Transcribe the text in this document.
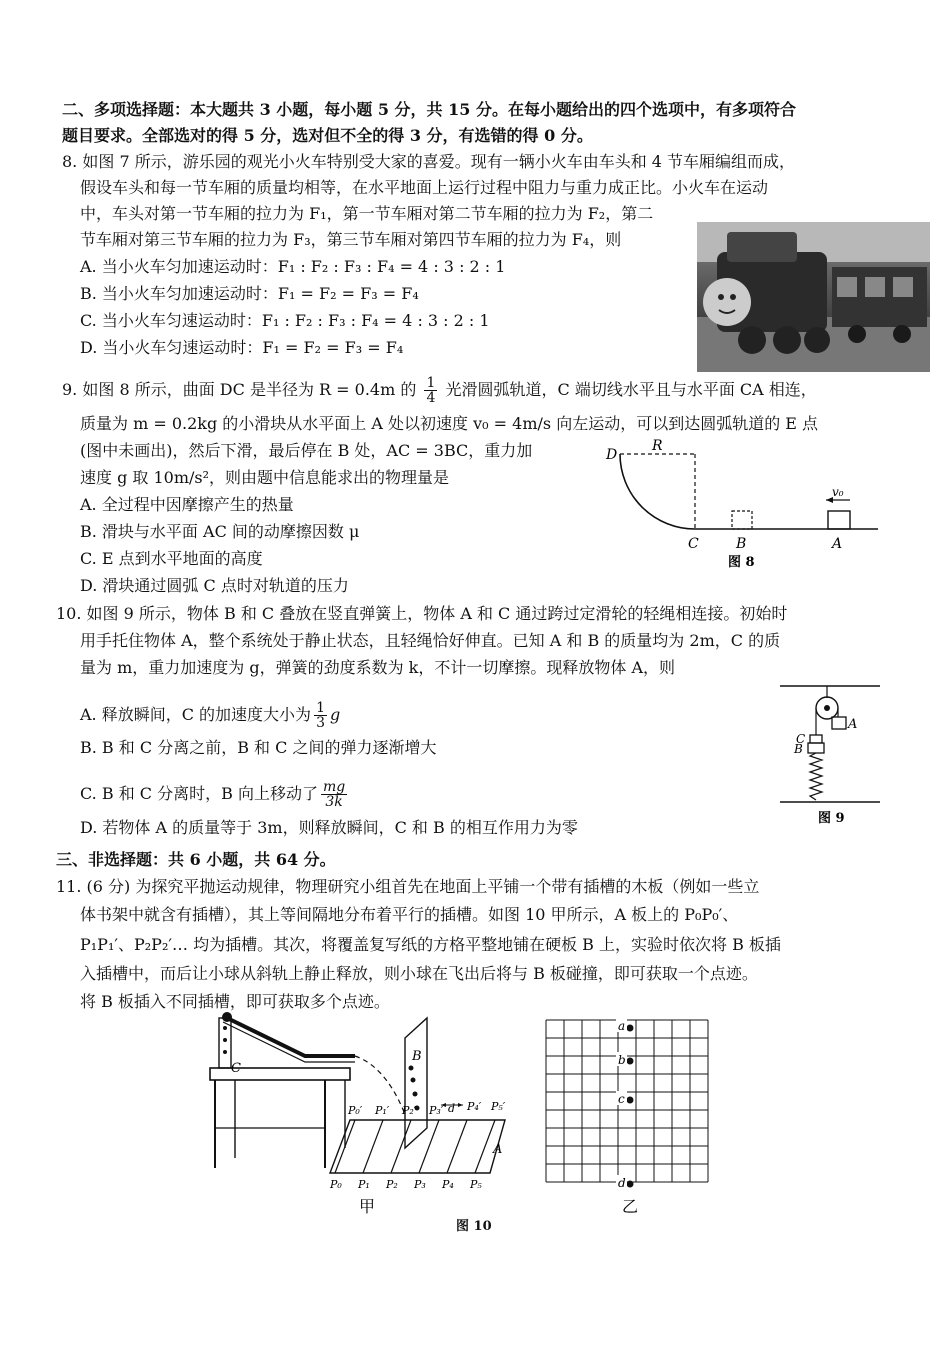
二、多项选择题：本大题共 3 小题，每小题 5 分，共 15 分。在每小题给出的四个选项中，有多项符合
题目要求。全部选对的得 5 分，选对但不全的得 3 分，有选错的得 0 分。
8. 如图 7 所示，游乐园的观光小火车特别受大家的喜爱。现有一辆小火车由车头和 4 节车厢编组而成，
假设车头和每一节车厢的质量均相等，在水平地面上运行过程中阻力与重力成正比。小火车在运动
中，车头对第一节车厢的拉力为 F₁，第一节车厢对第二节车厢的拉力为 F₂，第二
节车厢对第三节车厢的拉力为 F₃，第三节车厢对第四节车厢的拉力为 F₄，则
A. 当小火车匀加速运动时：F₁ : F₂ : F₃ : F₄ = 4 : 3 : 2 : 1
B. 当小火车匀加速运动时：F₁ = F₂ = F₃ = F₄
C. 当小火车匀速运动时：F₁ : F₂ : F₃ : F₄ = 4 : 3 : 2 : 1
D. 当小火车匀速运动时：F₁ = F₂ = F₃ = F₄
9. 如图 8 所示，曲面 DC 是半径为 R = 0.4m 的 $\frac{1}{4}$ 光滑圆弧轨道，C 端切线水平且与水平面 CA 相连，
质量为 m = 0.2kg 的小滑块从水平面上 A 处以初速度 v₀ = 4m/s 向左运动，可以到达圆弧轨道的 E 点
(图中未画出)，然后下滑，最后停在 B 处，AC = 3BC，重力加
速度 g 取 10m/s²，则由题中信息能求出的物理量是
A. 全过程中因摩擦产生的热量
B. 滑块与水平面 AC 间的动摩擦因数 μ
C. E 点到水平地面的高度
D. 滑块通过圆弧 C 点时对轨道的压力
D
R
C	B	A
v₀
图 8
10. 如图 9 所示，物体 B 和 C 叠放在竖直弹簧上，物体 A 和 C 通过跨过定滑轮的轻绳相连接。初始时
用手托住物体 A，整个系统处于静止状态，且轻绳恰好伸直。已知 A 和 B 的质量均为 2m，C 的质
量为 m，重力加速度为 g，弹簧的劲度系数为 k，不计一切摩擦。现释放物体 A，则
A. 释放瞬间，C 的加速度大小为 $\frac{1}{3}$ g
B. B 和 C 分离之前，B 和 C 之间的弹力逐渐增大
C. B 和 C 分离时，B 向上移动了 $\frac{mg}{3k}$
D. 若物体 A 的质量等于 3m，则释放瞬间，C 和 B 的相互作用力为零
A
C
B
图 9
三、非选择题：共 6 小题，共 64 分。
11. (6 分) 为探究平抛运动规律，物理研究小组首先在地面上平铺一个带有插槽的木板（例如一些立
体书架中就含有插槽），其上等间隔地分布着平行的插槽。如图 10 甲所示，A 板上的 P₀P₀′、
P₁P₁′、P₂P₂′… 均为插槽。其次，将覆盖复写纸的方格平整地铺在硬板 B 上，实验时依次将 B 板插
入插槽中，而后让小球从斜轨上静止释放，则小球在飞出后将与 B 板碰撞，即可获取一个点迹。
将 B 板插入不同插槽，即可获取多个点迹。
C
B
A
d
P₀′ P₁′ P₂′ P₃′ P₄′ P₅′
P₀ P₁ P₂ P₃ P₄ P₅
甲
a
b
c
d
乙
图 10
